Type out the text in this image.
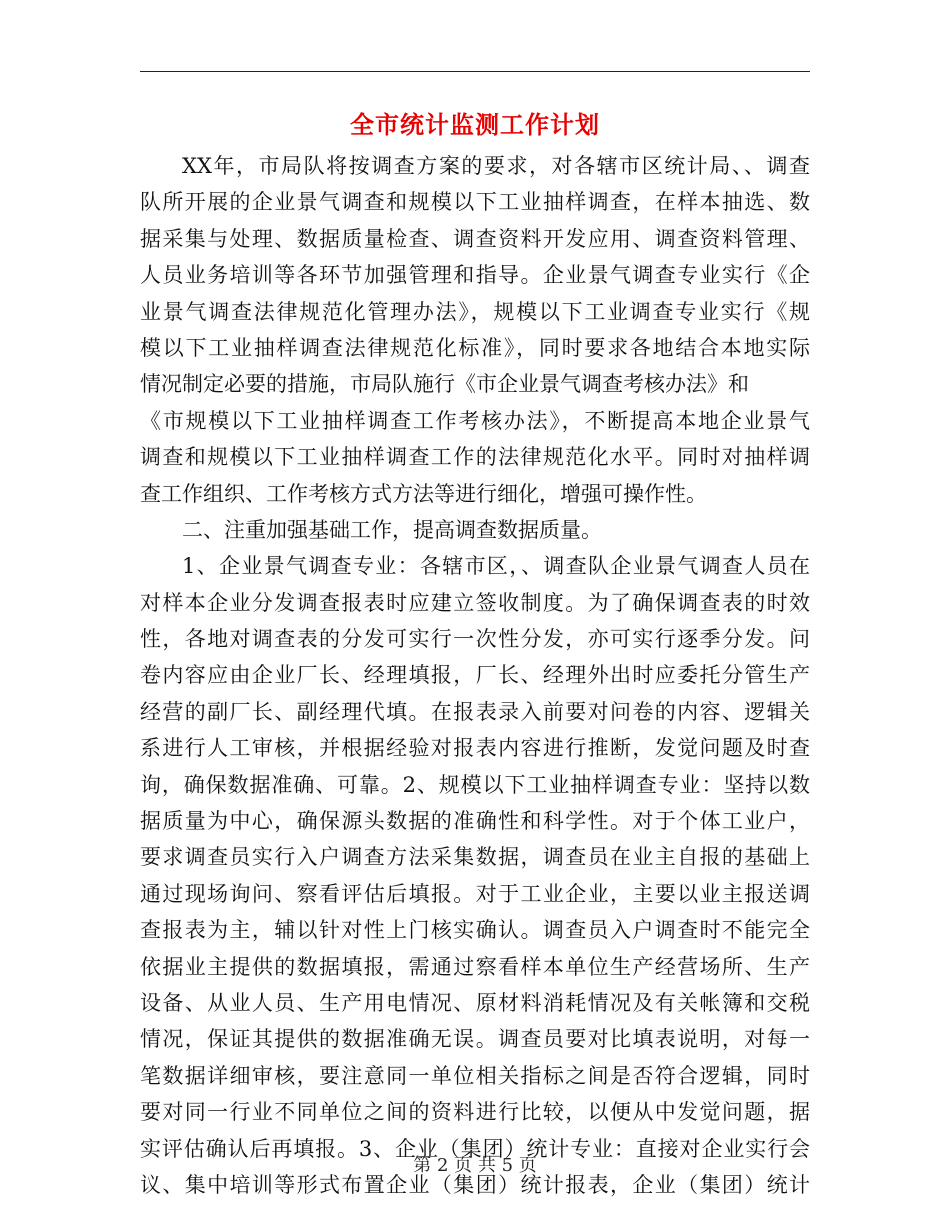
全市统计监测工作计划
XX年，市局队将按调查方案的要求，对各辖市区统计局、、调查
队所开展的企业景气调查和规模以下工业抽样调查，在样本抽选、数
据采集与处理、数据质量检查、调查资料开发应用、调查资料管理、
人员业务培训等各环节加强管理和指导。企业景气调查专业实行《企
业景气调查法律规范化管理办法》，规模以下工业调查专业实行《规
模以下工业抽样调查法律规范化标准》，同时要求各地结合本地实际
情况制定必要的措施，市局队施行《市企业景气调查考核办法》和
《市规模以下工业抽样调查工作考核办法》，不断提高本地企业景气
调查和规模以下工业抽样调查工作的法律规范化水平。同时对抽样调
查工作组织、工作考核方式方法等进行细化，增强可操作性。
二、注重加强基础工作，提高调查数据质量。
1、企业景气调查专业：各辖市区，、调查队企业景气调查人员在
对样本企业分发调查报表时应建立签收制度。为了确保调查表的时效
性，各地对调查表的分发可实行一次性分发，亦可实行逐季分发。问
卷内容应由企业厂长、经理填报，厂长、经理外出时应委托分管生产
经营的副厂长、副经理代填。在报表录入前要对问卷的内容、逻辑关
系进行人工审核，并根据经验对报表内容进行推断，发觉问题及时查
询，确保数据准确、可靠。2、规模以下工业抽样调查专业：坚持以数
据质量为中心，确保源头数据的准确性和科学性。对于个体工业户，
要求调查员实行入户调查方法采集数据，调查员在业主自报的基础上
通过现场询问、察看评估后填报。对于工业企业，主要以业主报送调
查报表为主，辅以针对性上门核实确认。调查员入户调查时不能完全
依据业主提供的数据填报，需通过察看样本单位生产经营场所、生产
设备、从业人员、生产用电情况、原材料消耗情况及有关帐簿和交税
情况，保证其提供的数据准确无误。调查员要对比填表说明，对每一
笔数据详细审核，要注意同一单位相关指标之间是否符合逻辑，同时
要对同一行业不同单位之间的资料进行比较，以便从中发觉问题，据
实评估确认后再填报。3、企业（集团）统计专业：直接对企业实行会
议、集中培训等形式布置企业（集团）统计报表，企业（集团）统计
第 2 页 共 5 页
